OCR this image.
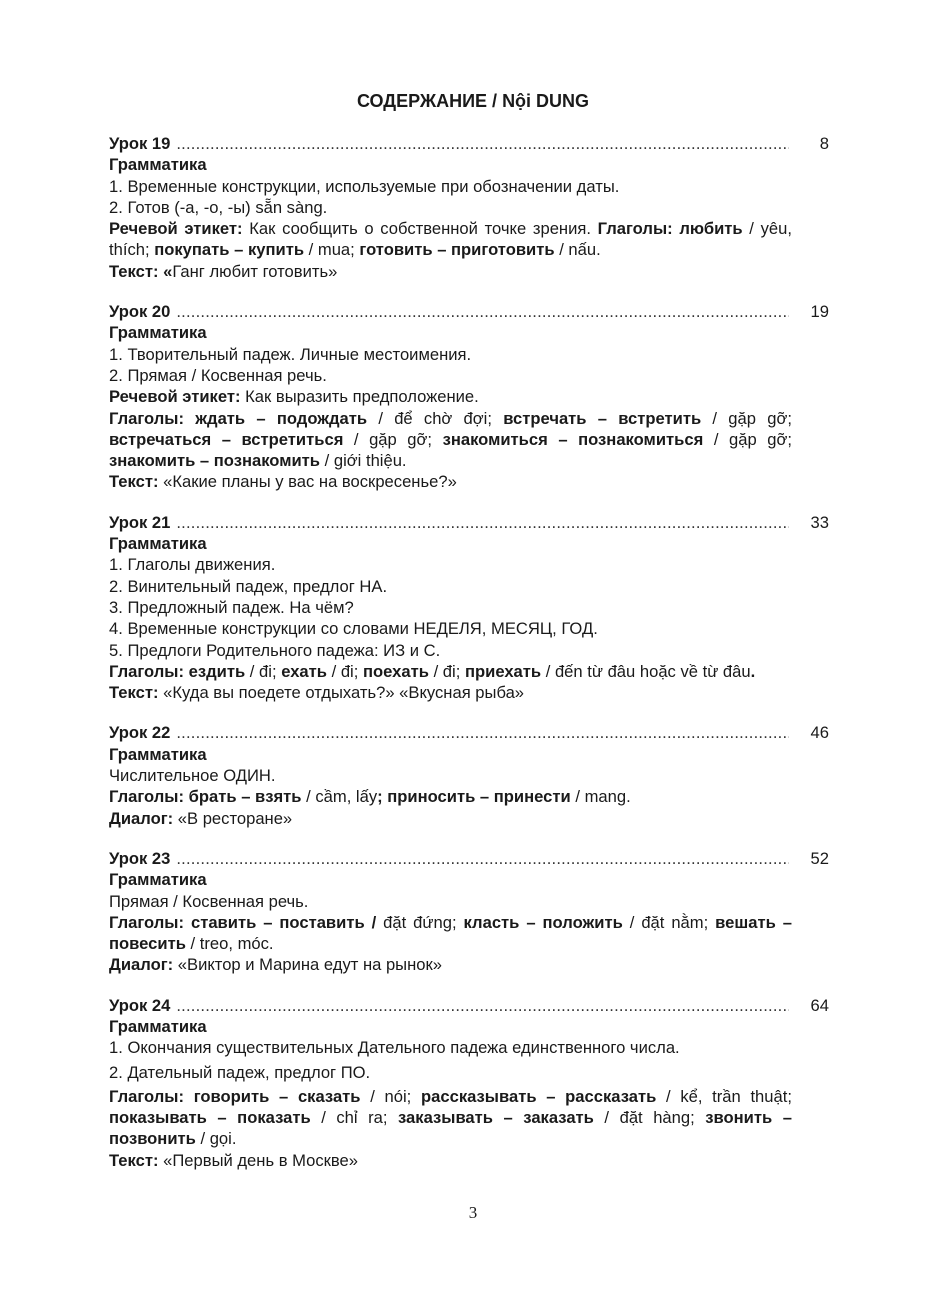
СОДЕРЖАНИЕ / Nội DUNG
Урок 19 .....	8
Грамматика
1. Временные конструкции, используемые при обозначении даты.
2. Готов (-а, -о, -ы) sẵn sàng.
Речевой этикет: Как сообщить о собственной точке зрения. Глаголы: любить / yêu, thích; покупать – купить / mua; готовить – приготовить / nấu.
Текст: «Ганг любит готовить»
Урок 20 .....	19
Грамматика
1. Творительный падеж. Личные местоимения.
2. Прямая / Косвенная речь.
Речевой этикет: Как выразить предположение.
Глаголы: ждать – подождать / để chờ đợi; встречать – встретить / gặp gỡ; встречаться – встретиться / gặp gỡ; знакомиться – познакомиться / gặp gỡ; знакомить – познакомить / giới thiệu.
Текст: «Какие планы у вас на воскресенье?»
Урок 21 .....	33
Грамматика
1. Глаголы движения.
2. Винительный падеж, предлог НА.
3. Предложный падеж. На чём?
4. Временные конструкции со словами НЕДЕЛЯ, МЕСЯЦ, ГОД.
5. Предлоги Родительного падежа: ИЗ и С.
Глаголы: ездить / đi; ехать / đi; поехать / đi; приехать / đến từ đâu hoặc về từ đâu.
Текст: «Куда вы поедете отдыхать?» «Вкусная рыба»
Урок 22 .....	46
Грамматика
Числительное ОДИН.
Глаголы: брать – взять / cầm, lấy; приносить – принести / mang.
Диалог: «В ресторане»
Урок 23 .....	52
Грамматика
Прямая / Косвенная речь.
Глаголы: ставить – поставить / đặt đứng; класть – положить / đặt nằm; вешать – повесить / treo, móc.
Диалог: «Виктор и Марина едут на рынок»
Урок 24 .....	64
Грамматика
1. Окончания существительных Дательного падежа единственного числа.
2. Дательный падеж, предлог ПО.
Глаголы: говорить – сказать / nói; рассказывать – рассказать / kể, trần thuật; показывать – показать / chỉ ra; заказывать – заказать / đặt hàng; звонить – позвонить / gọi.
Текст: «Первый день в Москве»
3
